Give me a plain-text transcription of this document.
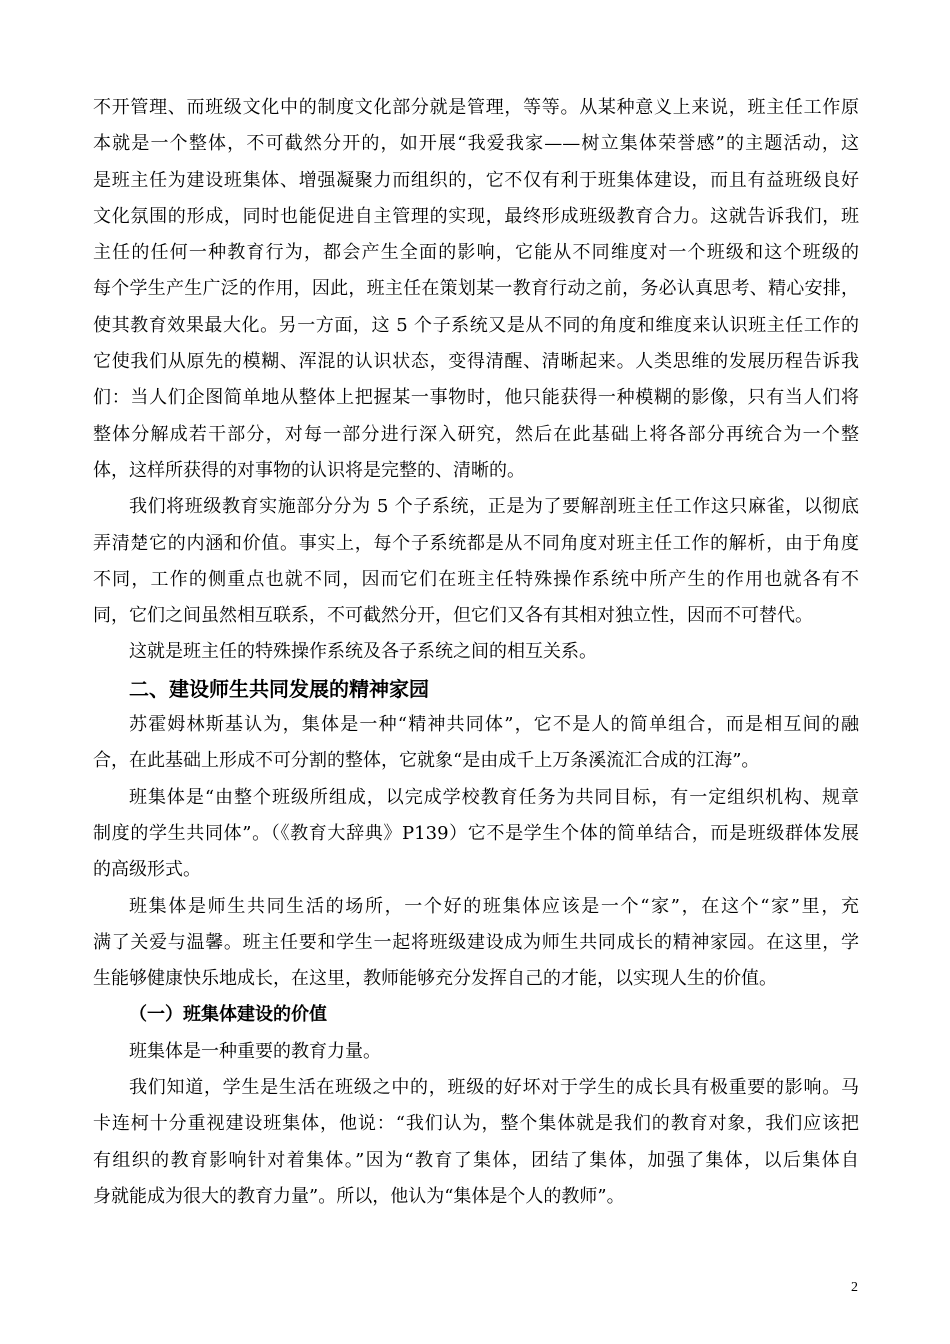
不开管理、而班级文化中的制度文化部分就是管理，等等。从某种意义上来说，班主任工作原
本就是一个整体，不可截然分开的，如开展“我爱我家——树立集体荣誉感”的主题活动，这
是班主任为建设班集体、增强凝聚力而组织的，它不仅有利于班集体建设，而且有益班级良好
文化氛围的形成，同时也能促进自主管理的实现，最终形成班级教育合力。这就告诉我们，班
主任的任何一种教育行为，都会产生全面的影响，它能从不同维度对一个班级和这个班级的
每个学生产生广泛的作用，因此，班主任在策划某一教育行动之前，务必认真思考、精心安排，
使其教育效果最大化。另一方面，这 5 个子系统又是从不同的角度和维度来认识班主任工作的
它使我们从原先的模糊、浑混的认识状态，变得清醒、清晰起来。人类思维的发展历程告诉我
们：当人们企图简单地从整体上把握某一事物时，他只能获得一种模糊的影像，只有当人们将
整体分解成若干部分，对每一部分进行深入研究，然后在此基础上将各部分再统合为一个整
体，这样所获得的对事物的认识将是完整的、清晰的。
我们将班级教育实施部分分为 5 个子系统，正是为了要解剖班主任工作这只麻雀，以彻底
弄清楚它的内涵和价值。事实上，每个子系统都是从不同角度对班主任工作的解析，由于角度
不同，工作的侧重点也就不同，因而它们在班主任特殊操作系统中所产生的作用也就各有不
同，它们之间虽然相互联系，不可截然分开，但它们又各有其相对独立性，因而不可替代。
这就是班主任的特殊操作系统及各子系统之间的相互关系。
二、建设师生共同发展的精神家园
苏霍姆林斯基认为，集体是一种“精神共同体”，它不是人的简单组合，而是相互间的融
合，在此基础上形成不可分割的整体，它就象“是由成千上万条溪流汇合成的江海”。
班集体是“由整个班级所组成，以完成学校教育任务为共同目标，有一定组织机构、规章
制度的学生共同体”。（《教育大辞典》P139）它不是学生个体的简单结合，而是班级群体发展
的高级形式。
班集体是师生共同生活的场所，一个好的班集体应该是一个“家”，在这个“家”里，充
满了关爱与温馨。班主任要和学生一起将班级建设成为师生共同成长的精神家园。在这里，学
生能够健康快乐地成长，在这里，教师能够充分发挥自己的才能，以实现人生的价值。
（一）班集体建设的价值
班集体是一种重要的教育力量。
我们知道，学生是生活在班级之中的，班级的好坏对于学生的成长具有极重要的影响。马
卡连柯十分重视建设班集体，他说：“我们认为，整个集体就是我们的教育对象，我们应该把
有组织的教育影响针对着集体。”因为“教育了集体，团结了集体，加强了集体，以后集体自
身就能成为很大的教育力量”。所以，他认为“集体是个人的教师”。
2
